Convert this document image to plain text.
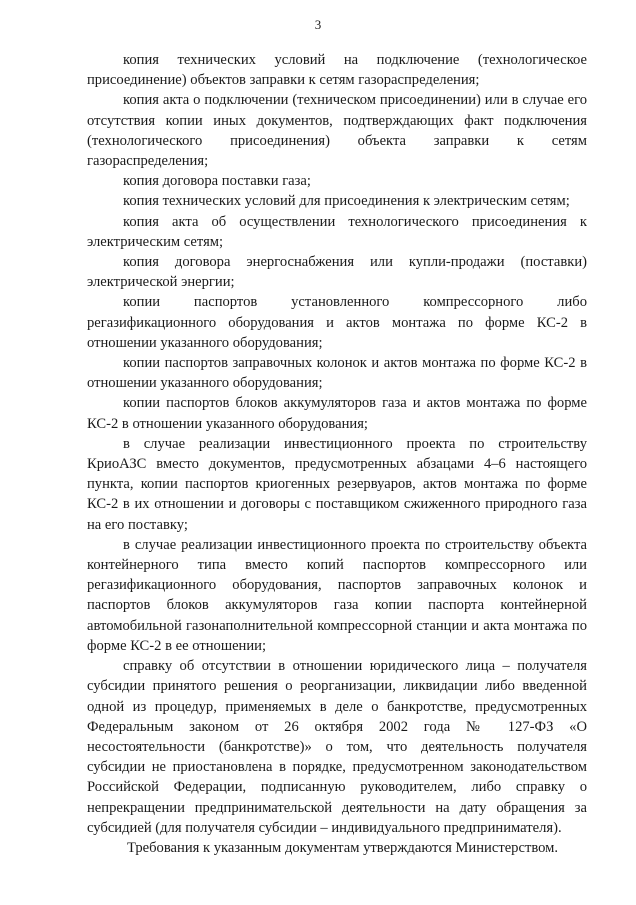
3

копия технических условий на подключение (технологическое присоединение) объектов заправки к сетям газораспределения;

копия акта о подключении (техническом присоединении) или в случае его отсутствия копии иных документов, подтверждающих факт подключения (технологического присоединения) объекта заправки к сетям газораспределения;

копия договора поставки газа;

копия технических условий для присоединения к электрическим сетям;

копия акта об осуществлении технологического присоединения к электрическим сетям;

копия договора энергоснабжения или купли-продажи (поставки) электрической энергии;

копии паспортов установленного компрессорного либо регазификационного оборудования и актов монтажа по форме КС-2 в отношении указанного оборудования;

копии паспортов заправочных колонок и актов монтажа по форме КС-2 в отношении указанного оборудования;

копии паспортов блоков аккумуляторов газа и актов монтажа по форме КС-2 в отношении указанного оборудования;

в случае реализации инвестиционного проекта по строительству КриоАЗС вместо документов, предусмотренных абзацами 4–6 настоящего пункта, копии паспортов криогенных резервуаров, актов монтажа по форме КС-2 в их отношении и договоры с поставщиком сжиженного природного газа на его поставку;

в случае реализации инвестиционного проекта по строительству объекта контейнерного типа вместо копий паспортов компрессорного или регазификационного оборудования, паспортов заправочных колонок и паспортов блоков аккумуляторов газа копии паспорта контейнерной автомобильной газонаполнительной компрессорной станции и акта монтажа по форме КС-2 в ее отношении;

справку об отсутствии в отношении юридического лица – получателя субсидии принятого решения о реорганизации, ликвидации либо введенной одной из процедур, применяемых в деле о банкротстве, предусмотренных Федеральным законом от 26 октября 2002 года № 127-ФЗ «О несостоятельности (банкротстве)» о том, что деятельность получателя субсидии не приостановлена в порядке, предусмотренном законодательством Российской Федерации, подписанную руководителем, либо справку о непрекращении предпринимательской деятельности на дату обращения за субсидией (для получателя субсидии – индивидуального предпринимателя).

Требования к указанным документам утверждаются Министерством.
